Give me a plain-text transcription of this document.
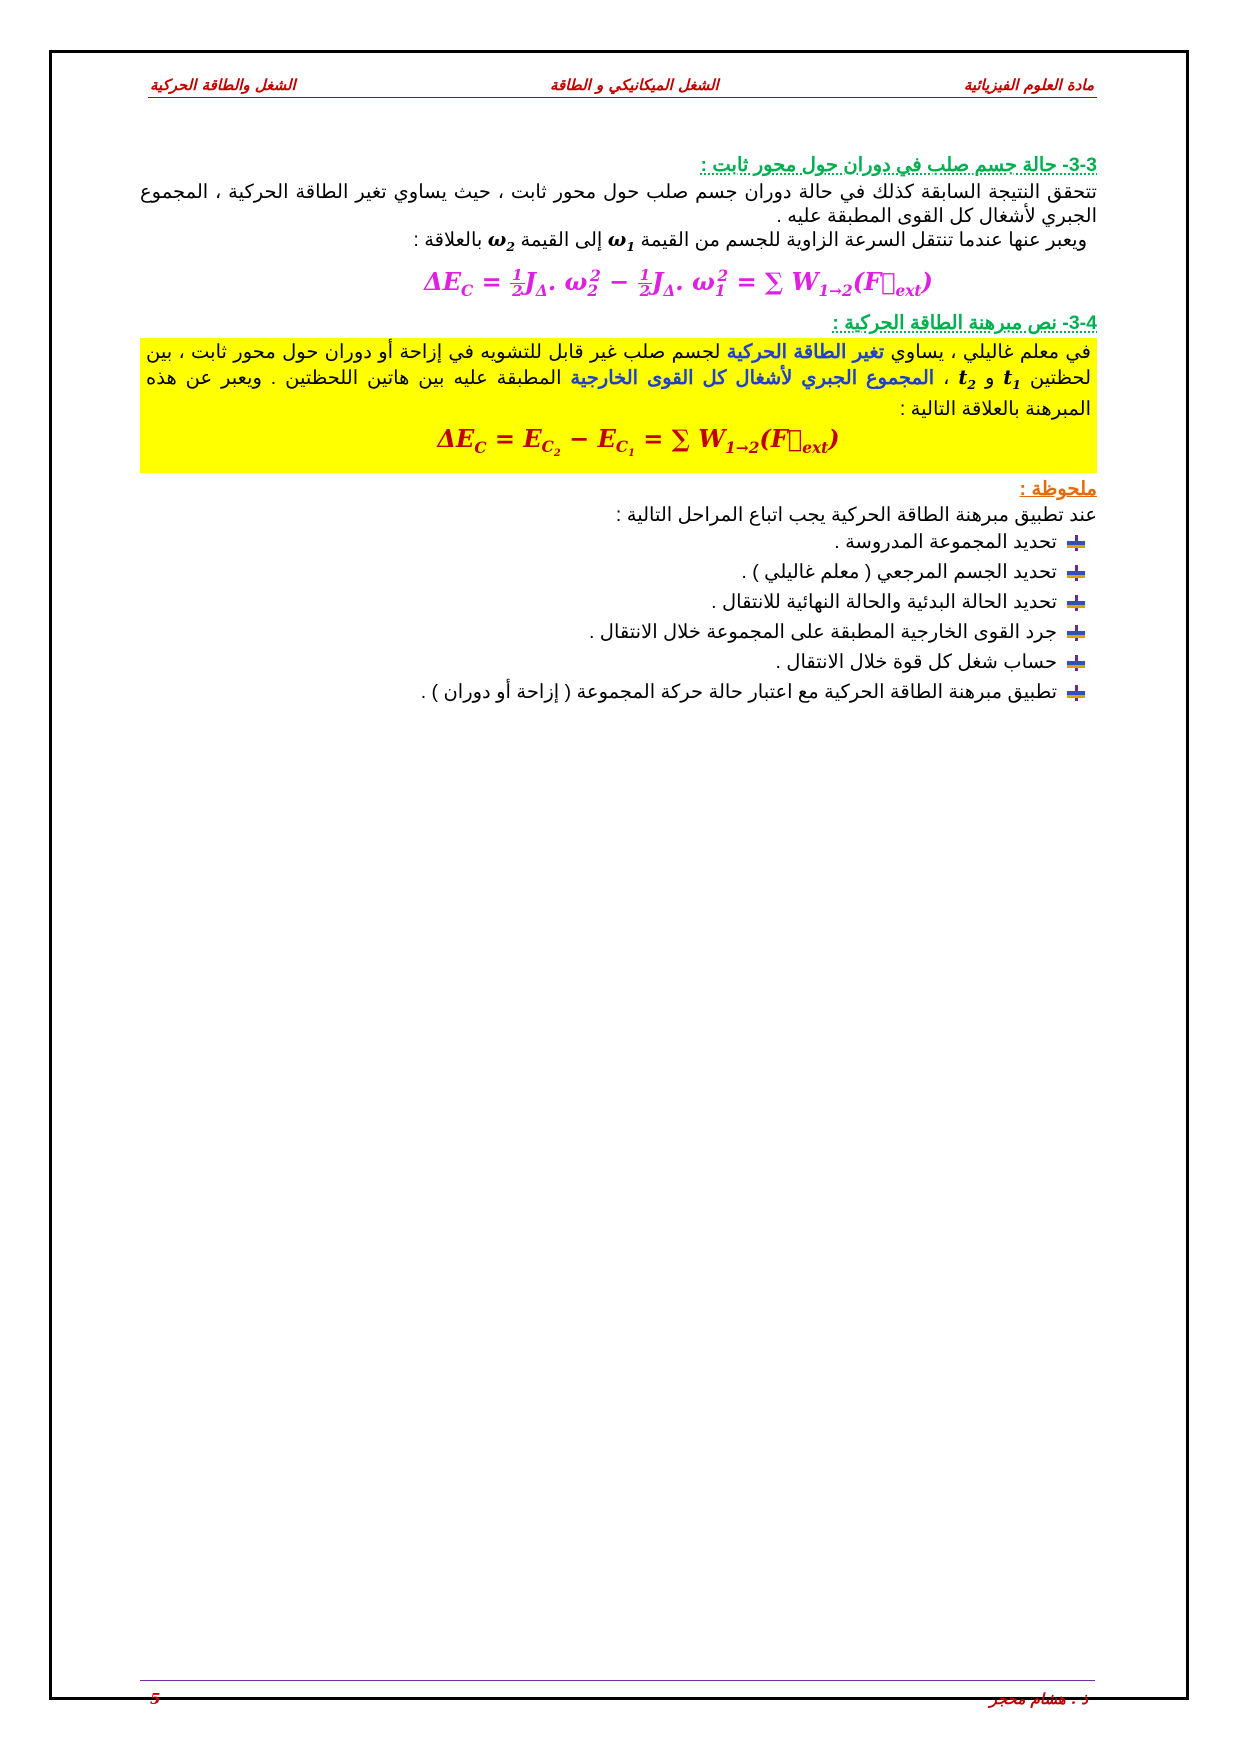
مادة العلوم الفيزيائية
الشغل الميكانيكي و الطاقة
الشغل والطاقة الحركية
3-3- حالة جسم صلب في دوران حول محور ثابت :

تتحقق النتيجة السابقة كذلك في حالة دوران جسم صلب حول محور ثابت ، حيث يساوي تغير الطاقة الحركية ، المجموع الجبري لأشغال كل القوى المطبقة عليه .

ويعبر عنها عندما تنتقل السرعة الزاوية للجسم من القيمة $\omega_1$ إلى القيمة $\omega_2$ بالعلاقة :

$\Delta E_C = \frac{1}{2} J_\Delta$. $\omega_2^2 - \frac{1}{2} J_\Delta$. $\omega_1^2$ = ∑ $W_{1\to 2}(F⃗_{ext})$
3-4- نص مبرهنة الطاقة الحركية :

في معلم غاليلي ، يساوي تغير الطاقة الحركية لجسم صلب غير قابل للتشويه في إزاحة أو دوران حول محور ثابت ، بين لحظتين $t_1$ و $t_2$ ، المجموع الجبري لأشغال كل القوى الخارجية المطبقة عليه بين هاتين اللحظتين . ويعبر عن هذه المبرهنة بالعلاقة التالية :

$\Delta E_C = E_{C_2} - E_{C_1}$ = ∑ $W_{1\to 2}(F⃗_{ext})$
ملحوظة :

عند تطبيق مبرهنة الطاقة الحركية يجب اتباع المراحل التالية :

تحديد المجموعة المدروسة .
تحديد الجسم المرجعي ( معلم غاليلي ) .
تحديد الحالة البدئية والحالة النهائية للانتقال .
جرد القوى الخارجية المطبقة على المجموعة خلال الانتقال .
حساب شغل كل قوة خلال الانتقال .
تطبيق مبرهنة الطاقة الحركية مع اعتبار حالة حركة المجموعة ( إزاحة أو دوران ) .
ذ . هشام محجر
5
